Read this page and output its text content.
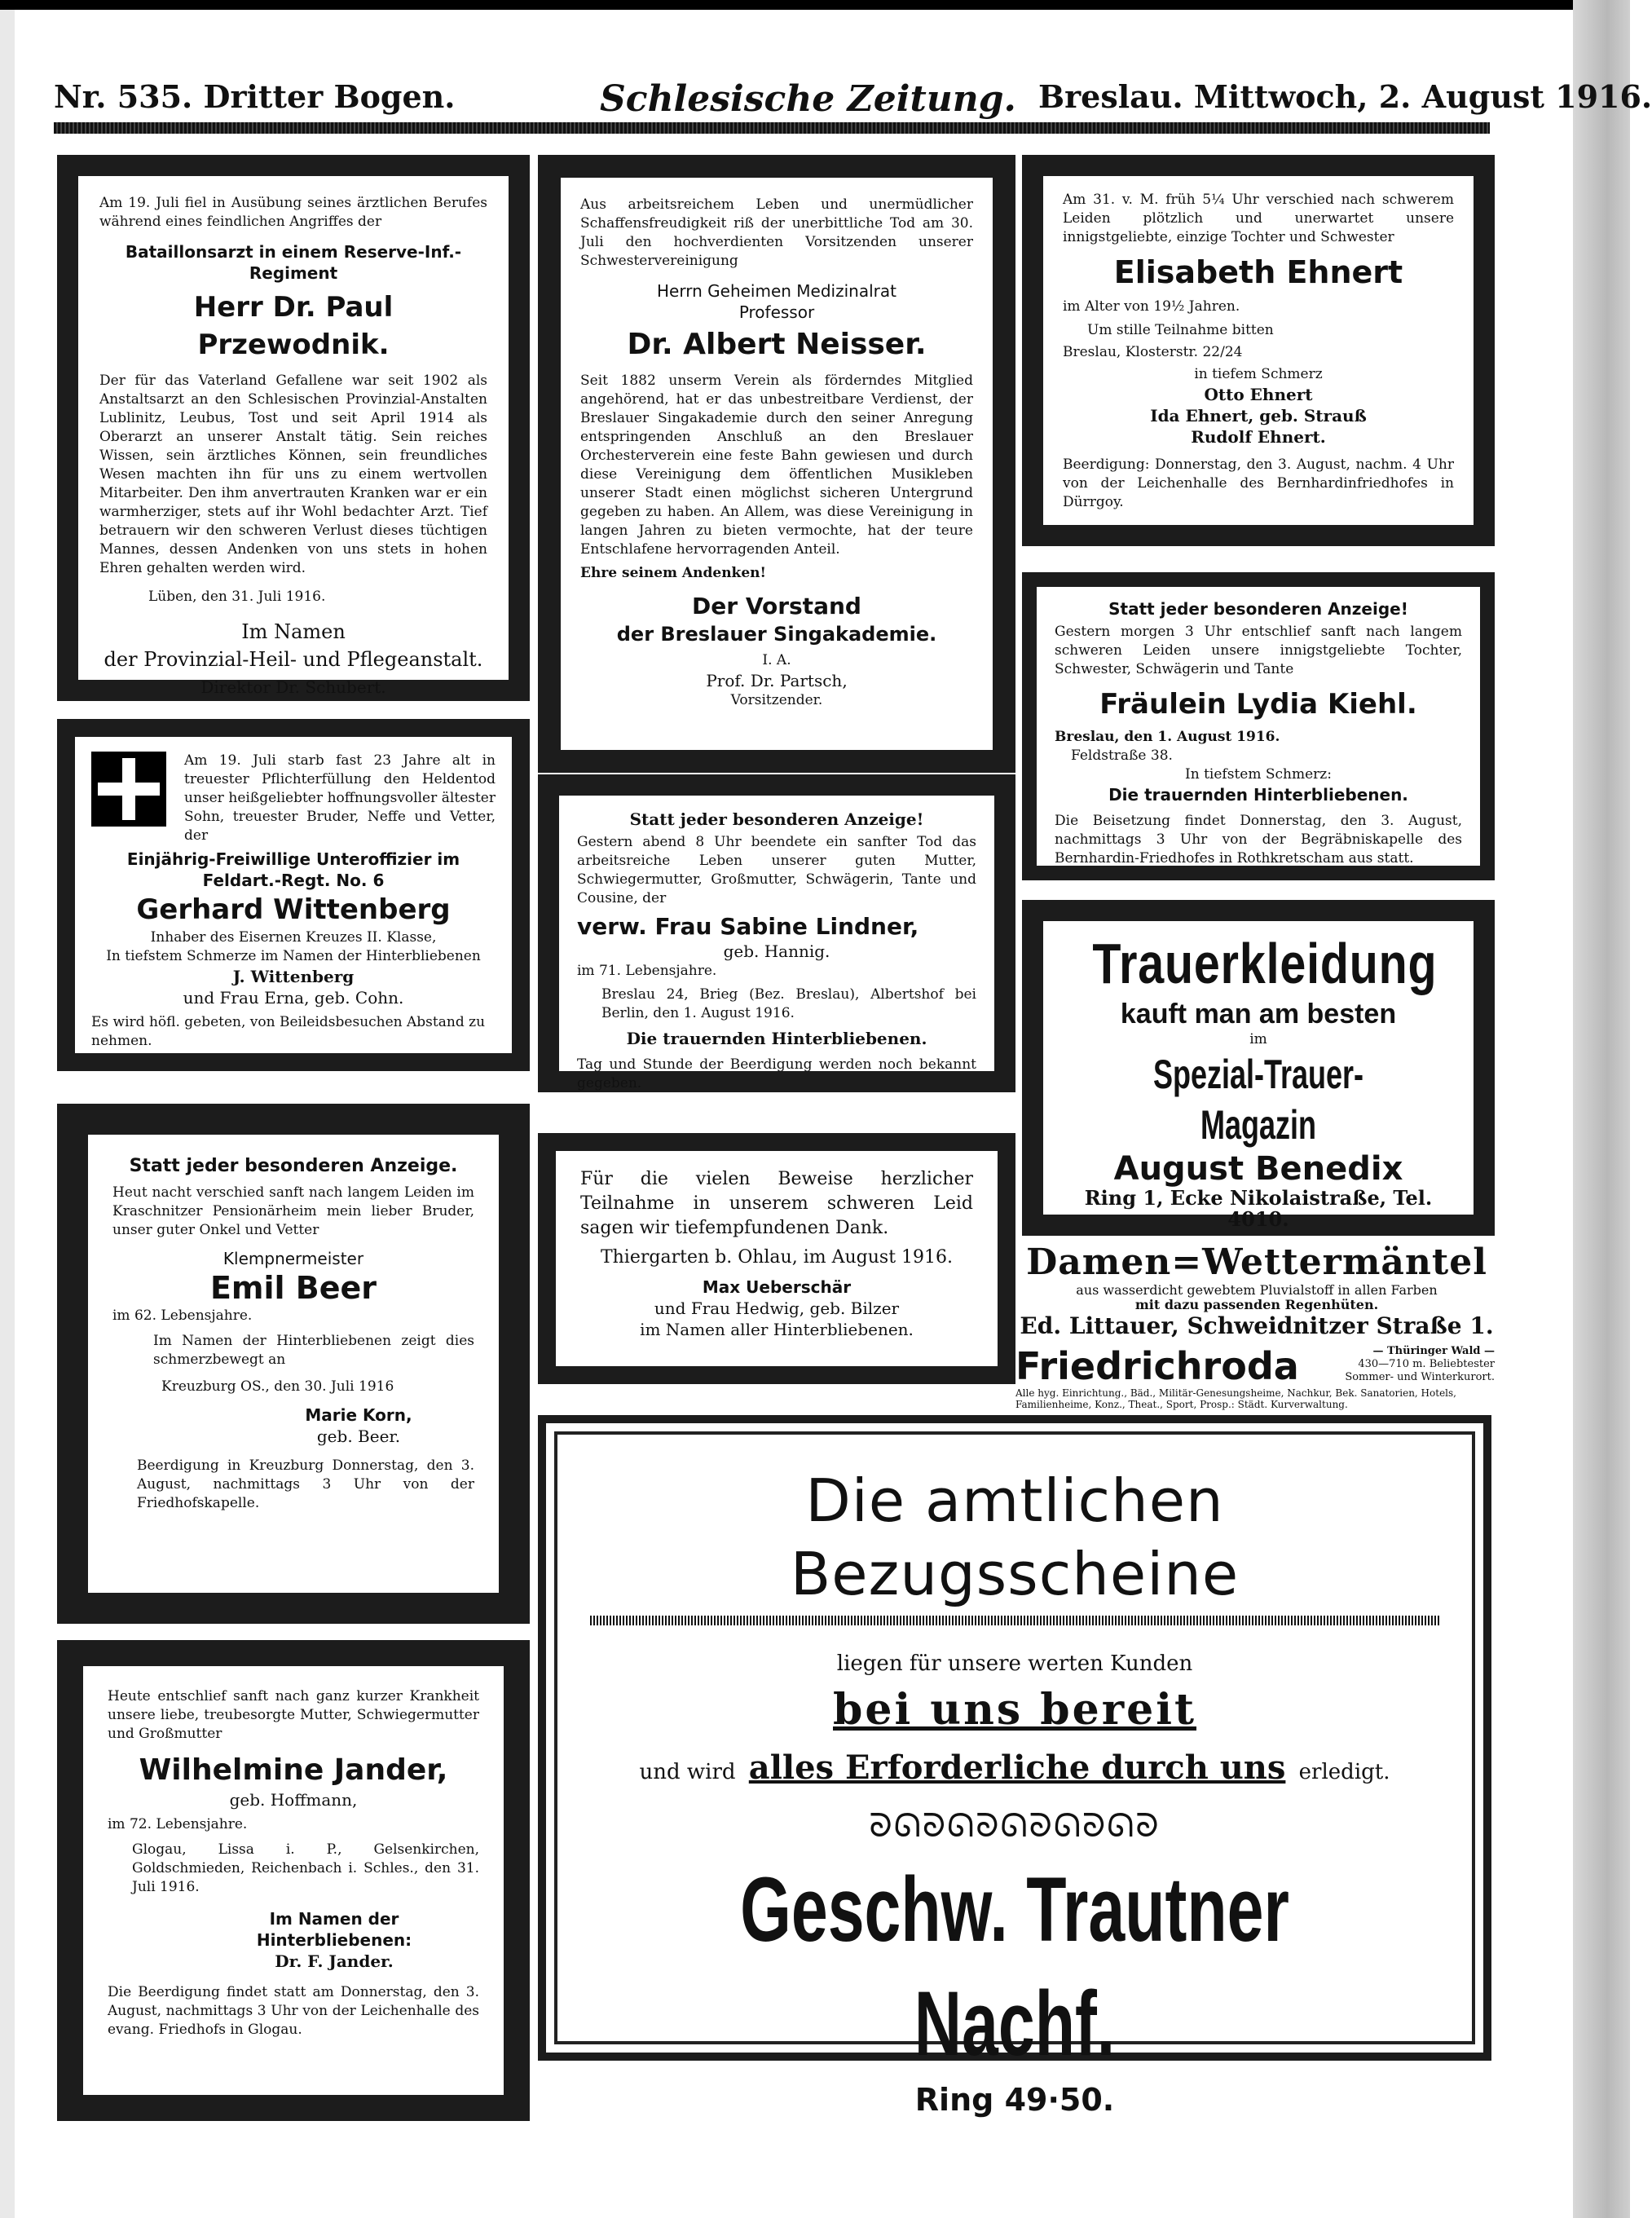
Nr. 535. Dritter Bogen.	Schlesische Zeitung. Breslau. Mittwoch, 2. August 1916.
Am 19. Juli fiel in Ausübung seines ärztlichen Berufes während eines feindlichen Angriffes der
Bataillonsarzt in einem Reserve-Inf.-Regiment
Herr Dr. Paul Przewodnik.
Der für das Vaterland Gefallene war seit 1902 als Anstaltsarzt an den Schlesischen Provinzial-Anstalten Lublinitz, Leubus, Tost und seit April 1914 als Oberarzt an unserer Anstalt tätig. Sein reiches Wissen, sein ärztliches Können, sein freundliches Wesen machten ihn für uns zu einem wertvollen Mitarbeiter. Den ihm anvertrauten Kranken war er ein warmherziger, stets auf ihr Wohl bedachter Arzt. Tief betrauern wir den schweren Verlust dieses tüchtigen Mannes, dessen Andenken von uns stets in hohen Ehren gehalten werden wird.
Lüben, den 31. Juli 1916.
Im Namen
der Provinzial-Heil- und Pflegeanstalt.
Direktor Dr. Schubert.
Am 19. Juli starb fast 23 Jahre alt in treuester Pflichterfüllung den Heldentod unser heißgeliebter hoffnungsvoller ältester Sohn, treuester Bruder, Neffe und Vetter, der
Einjährig-Freiwillige Unteroffizier im Feldart.-Regt. No. 6
Gerhard Wittenberg
Inhaber des Eisernen Kreuzes II. Klasse,
In tiefstem Schmerze im Namen der Hinterbliebenen
J. Wittenberg
und Frau Erna, geb. Cohn.
Es wird höfl. gebeten, von Beileidsbesuchen Abstand zu nehmen.
Statt jeder besonderen Anzeige.
Heut nacht verschied sanft nach langem Leiden im Kraschnitzer Pensionärheim mein lieber Bruder, unser guter Onkel und Vetter
Klempnermeister
Emil Beer
im 62. Lebensjahre.
Im Namen der Hinterbliebenen zeigt dies schmerzbewegt an
Kreuzburg OS., den 30. Juli 1916
Marie Korn,
geb. Beer.
Beerdigung in Kreuzburg Donnerstag, den 3. August, nachmittags 3 Uhr von der Friedhofskapelle.
Heute entschlief sanft nach ganz kurzer Krankheit unsere liebe, treubesorgte Mutter, Schwiegermutter und Großmutter
Wilhelmine Jander,
geb. Hoffmann,
im 72. Lebensjahre.
Glogau, Lissa i. P., Gelsenkirchen, Goldschmieden, Reichenbach i. Schles., den 31. Juli 1916.
Im Namen der Hinterbliebenen:
Dr. F. Jander.
Die Beerdigung findet statt am Donnerstag, den 3. August, nachmittags 3 Uhr von der Leichenhalle des evang. Friedhofs in Glogau.
Aus arbeitsreichem Leben und unermüdlicher Schaffensfreudigkeit riß der unerbittliche Tod am 30. Juli den hochverdienten Vorsitzenden unserer Schwestervereinigung
Herrn Geheimen Medizinalrat
Professor
Dr. Albert Neisser.
Seit 1882 unserm Verein als förderndes Mitglied angehörend, hat er das unbestreitbare Verdienst, der Breslauer Singakademie durch den seiner Anregung entspringenden Anschluß an den Breslauer Orchesterverein eine feste Bahn gewiesen und durch diese Vereinigung dem öffentlichen Musikleben unserer Stadt einen möglichst sicheren Untergrund gegeben zu haben. An Allem, was diese Vereinigung in langen Jahren zu bieten vermochte, hat der teure Entschlafene hervorragenden Anteil.
Ehre seinem Andenken!
Der Vorstand
der Breslauer Singakademie.
I. A.
Prof. Dr. Partsch,
Vorsitzender.
Statt jeder besonderen Anzeige!
Gestern abend 8 Uhr beendete ein sanfter Tod das arbeitsreiche Leben unserer guten Mutter, Schwiegermutter, Großmutter, Schwägerin, Tante und Cousine, der
verw. Frau Sabine Lindner,
geb. Hannig.
im 71. Lebensjahre.
Breslau 24, Brieg (Bez. Breslau), Albertshof bei Berlin, den 1. August 1916.
Die trauernden Hinterbliebenen.
Tag und Stunde der Beerdigung werden noch bekannt gegeben.
Für die vielen Beweise herzlicher Teilnahme in unserem schweren Leid sagen wir tiefempfundenen Dank.
Thiergarten b. Ohlau, im August 1916.
Max Ueberschär
und Frau Hedwig, geb. Bilzer
im Namen aller Hinterbliebenen.
Am 31. v. M. früh 5¼ Uhr verschied nach schwerem Leiden plötzlich und unerwartet unsere innigstgeliebte, einzige Tochter und Schwester
Elisabeth Ehnert
im Alter von 19½ Jahren.
Um stille Teilnahme bitten
Breslau, Klosterstr. 22/24
in tiefem Schmerz
Otto Ehnert
Ida Ehnert, geb. Strauß
Rudolf Ehnert.
Beerdigung: Donnerstag, den 3. August, nachm. 4 Uhr von der Leichenhalle des Bernhardinfriedhofes in Dürrgoy.
Statt jeder besonderen Anzeige!
Gestern morgen 3 Uhr entschlief sanft nach langem schweren Leiden unsere innigstgeliebte Tochter, Schwester, Schwägerin und Tante
Fräulein Lydia Kiehl.
Breslau, den 1. August 1916.
Feldstraße 38.
In tiefstem Schmerz:
Die trauernden Hinterbliebenen.
Die Beisetzung findet Donnerstag, den 3. August, nachmittags 3 Uhr von der Begräbniskapelle des Bernhardin-Friedhofes in Rothkretscham aus statt.
Trauerkleidung
kauft man am besten
im
Spezial-Trauer-Magazin
August Benedix
Ring 1, Ecke Nikolaistraße, Tel. 4010.
Damen=Wettermäntel
aus wasserdicht gewebtem Pluvialstoff in allen Farben
mit dazu passenden Regenhüten.
Ed. Littauer, Schweidnitzer Straße 1.
Friedrichroda	— Thüringer Wald —
430—710 m. Beliebtester Sommer- und Winterkurort.
Alle hyg. Einrichtung., Bäd., Militär-Genesungsheime, Nachkur, Bek. Sanatorien, Hotels, Familienheime, Konz., Theat., Sport, Prosp.: Städt. Kurverwaltung.
Die amtlichen Bezugsscheine
liegen für unsere werten Kunden
bei uns bereit
und wird alles Erforderliche durch uns erledigt.
ᘐᘏᘐᘏᘐᘏᘐᘏᘐᘏᘐ
Geschw. Trautner Nachf.
Ring 49·50.
